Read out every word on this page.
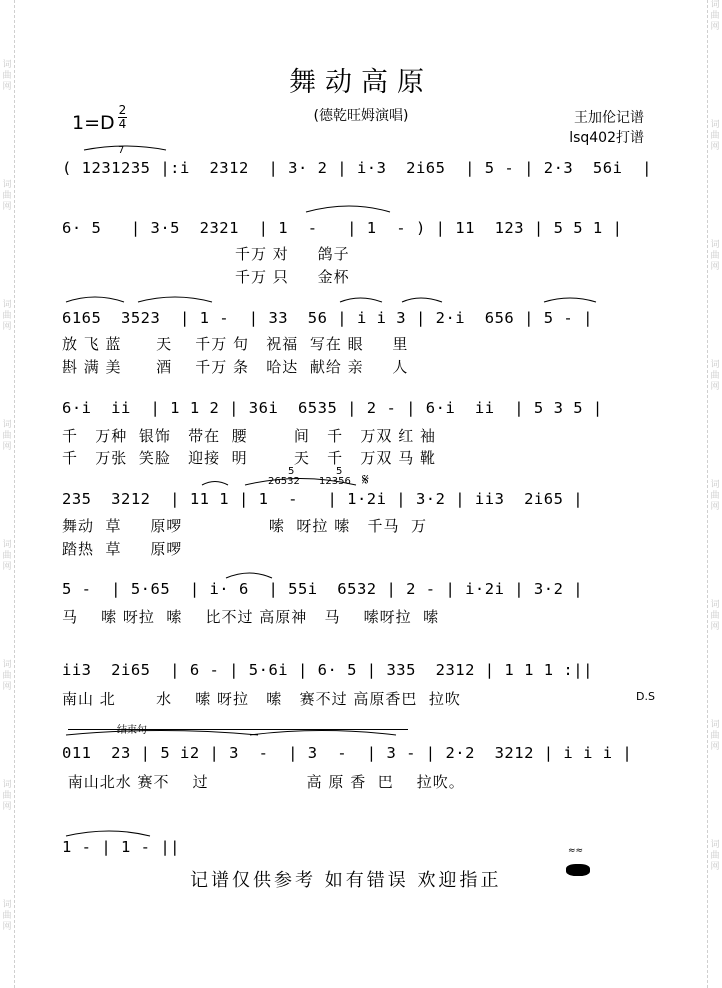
词
曲
网
词
曲
网
词
曲
网
词
曲
网
词
曲
网
词
曲
网
词
曲
网
词
曲
网
词
曲
网
词
曲
网
词
曲
网
词
曲
网
词
曲
网
词
曲
网
词
曲
网
词
曲
网
舞动高原
(德乾旺姆演唱)
1=D
2
4	王加伦记谱
lsq402打谱
( 1231235 |:i  2312  | 3· 2 | i·3  2i65  | 5 - | 2·3  56i  |
6· 5   | 3·5  2321  | 1  -   | 1  - ) | 11  123 | 5 5 1 |
千万 对     鸽子
千万 只     金杯
6165  3523  | 1 -  | 33  56 | i i 3 | 2·i  656 | 5 - |
放 飞 蓝      天    千万 句   祝福  写在 眼     里
斟 满 美      酒    千万 条   哈达  献给 亲     人
6·i  ii  | 1 1 2 | 36i  6535 | 2 - | 6·i  ii  | 5 3 5 |
千   万种  银饰   带在  腰        间   千   万双 红 袖
千   万张  笑脸   迎接  明        天   千   万双 马 靴
235  3212  | 11 1 | 1  -   | 1·2i | 3·2 | ii3  2i65 |
舞动  草     原啰               嗦  呀拉 嗦   千马  万
踏热  草     原啰
5 -  | 5·65  | i· 6  | 55i  6532 | 2 - | i·2i | 3·2 |
马    嗦 呀拉  嗦    比不过 高原神   马    嗦呀拉  嗦
ii3  2i65  | 6 - | 5·6i | 6· 5 | 335  2312 | 1 1 1 :||
南山 北       水    嗦 呀拉   嗦   赛不过 高原香巴  拉吹	D.S
结束句
011  23 | 5 i2 | 3  -  | 3  -  | 3 - | 2·2  3212 | i i i |
南山北水 赛不    过                 高 原 香  巴    拉吹。
1 - | 1 - ||
7
5	5
26532 12356 𝄋
≈≈
记谱仅供参考 如有错误 欢迎指正
